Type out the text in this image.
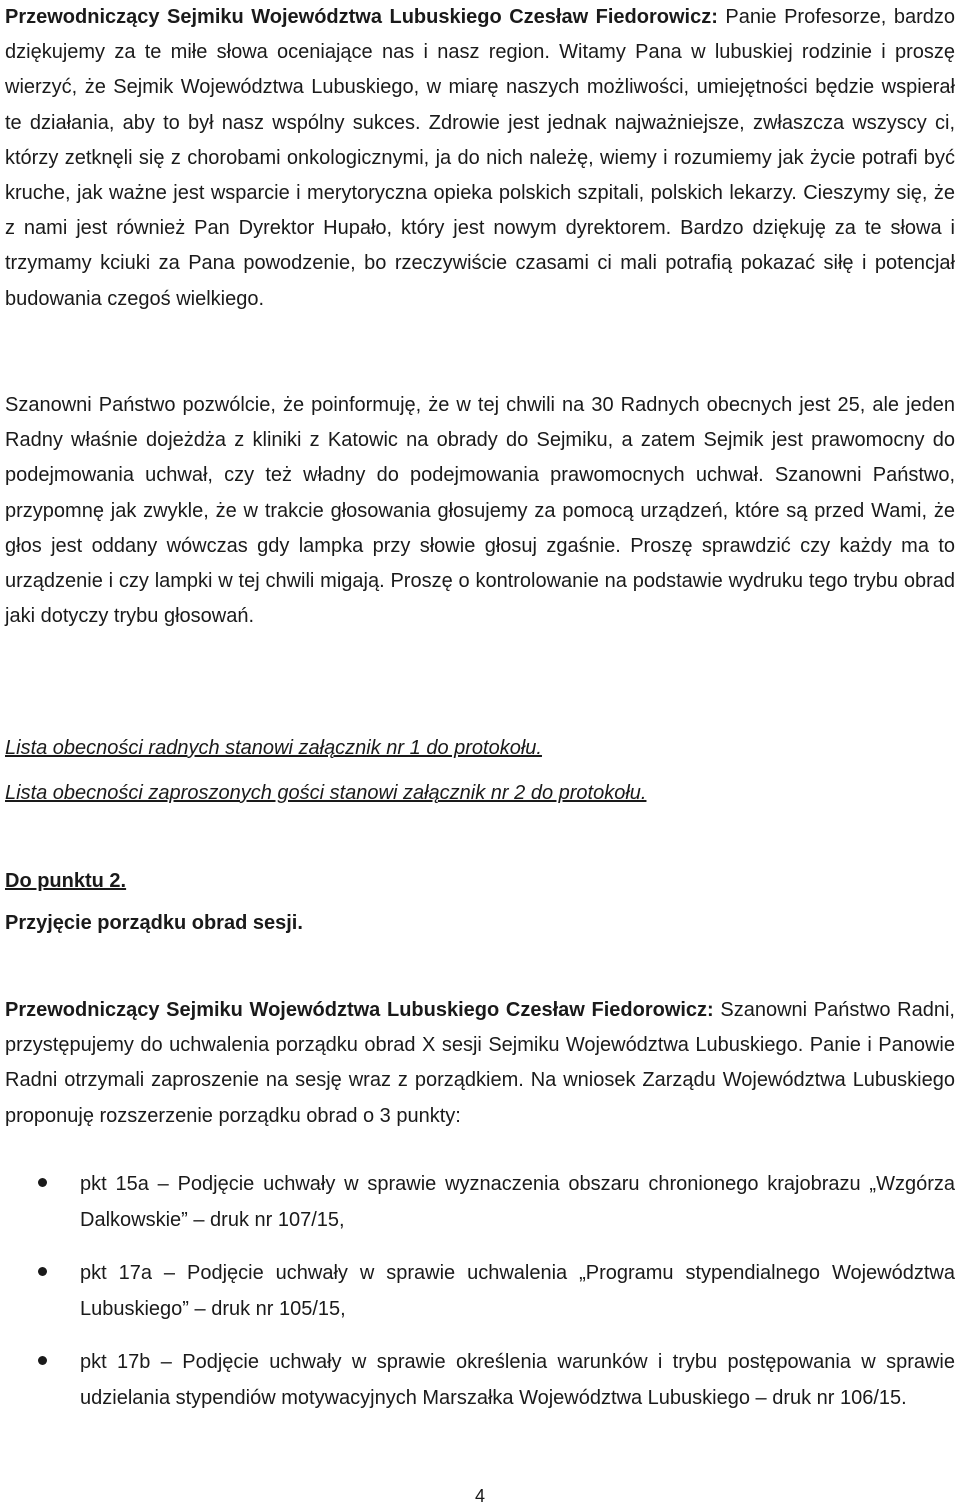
Przewodniczący Sejmiku Województwa Lubuskiego Czesław Fiedorowicz: Panie Profesorze, bardzo dziękujemy za te miłe słowa oceniające nas i nasz region. Witamy Pana w lubuskiej rodzinie i proszę wierzyć, że Sejmik Województwa Lubuskiego, w miarę naszych możliwości, umiejętności będzie wspierał te działania, aby to był nasz wspólny sukces. Zdrowie jest jednak najważniejsze, zwłaszcza wszyscy ci, którzy zetknęli się z chorobami onkologicznymi, ja do nich należę, wiemy i rozumiemy jak życie potrafi być kruche, jak ważne jest wsparcie i merytoryczna opieka polskich szpitali, polskich lekarzy. Cieszymy się, że z nami jest również Pan Dyrektor Hupało, który jest nowym dyrektorem. Bardzo dziękuję za te słowa i trzymamy kciuki za Pana powodzenie, bo rzeczywiście czasami ci mali potrafią pokazać siłę i potencjał budowania czegoś wielkiego.

Szanowni Państwo pozwólcie, że poinformuję, że w tej chwili na 30 Radnych obecnych jest 25, ale jeden Radny właśnie dojeżdża z kliniki z Katowic na obrady do Sejmiku, a zatem Sejmik jest prawomocny do podejmowania uchwał, czy też władny do podejmowania prawomocnych uchwał. Szanowni Państwo, przypomnę jak zwykle, że w trakcie głosowania głosujemy za pomocą urządzeń, które są przed Wami, że głos jest oddany wówczas gdy lampka przy słowie głosuj zgaśnie. Proszę sprawdzić czy każdy ma to urządzenie i czy lampki w tej chwili migają. Proszę o kontrolowanie na podstawie wydruku tego trybu obrad jaki dotyczy trybu głosowań.

Lista obecności radnych stanowi załącznik nr 1 do protokołu.

Lista obecności zaproszonych gości stanowi załącznik nr 2 do protokołu.

Do punktu 2.

Przyjęcie porządku obrad sesji.

Przewodniczący Sejmiku Województwa Lubuskiego Czesław Fiedorowicz: Szanowni Państwo Radni, przystępujemy do uchwalenia porządku obrad X sesji Sejmiku Województwa Lubuskiego. Panie i Panowie Radni otrzymali zaproszenie na sesję wraz z porządkiem. Na wniosek Zarządu Województwa Lubuskiego proponuję rozszerzenie porządku obrad o 3 punkty:

pkt 15a – Podjęcie uchwały w sprawie wyznaczenia obszaru chronionego krajobrazu „Wzgórza Dalkowskie” – druk nr 107/15,
pkt 17a – Podjęcie uchwały w sprawie uchwalenia „Programu stypendialnego Województwa Lubuskiego” – druk nr 105/15,
pkt 17b – Podjęcie uchwały w sprawie określenia warunków i trybu postępowania w sprawie udzielania stypendiów motywacyjnych Marszałka Województwa Lubuskiego – druk nr 106/15.
4
